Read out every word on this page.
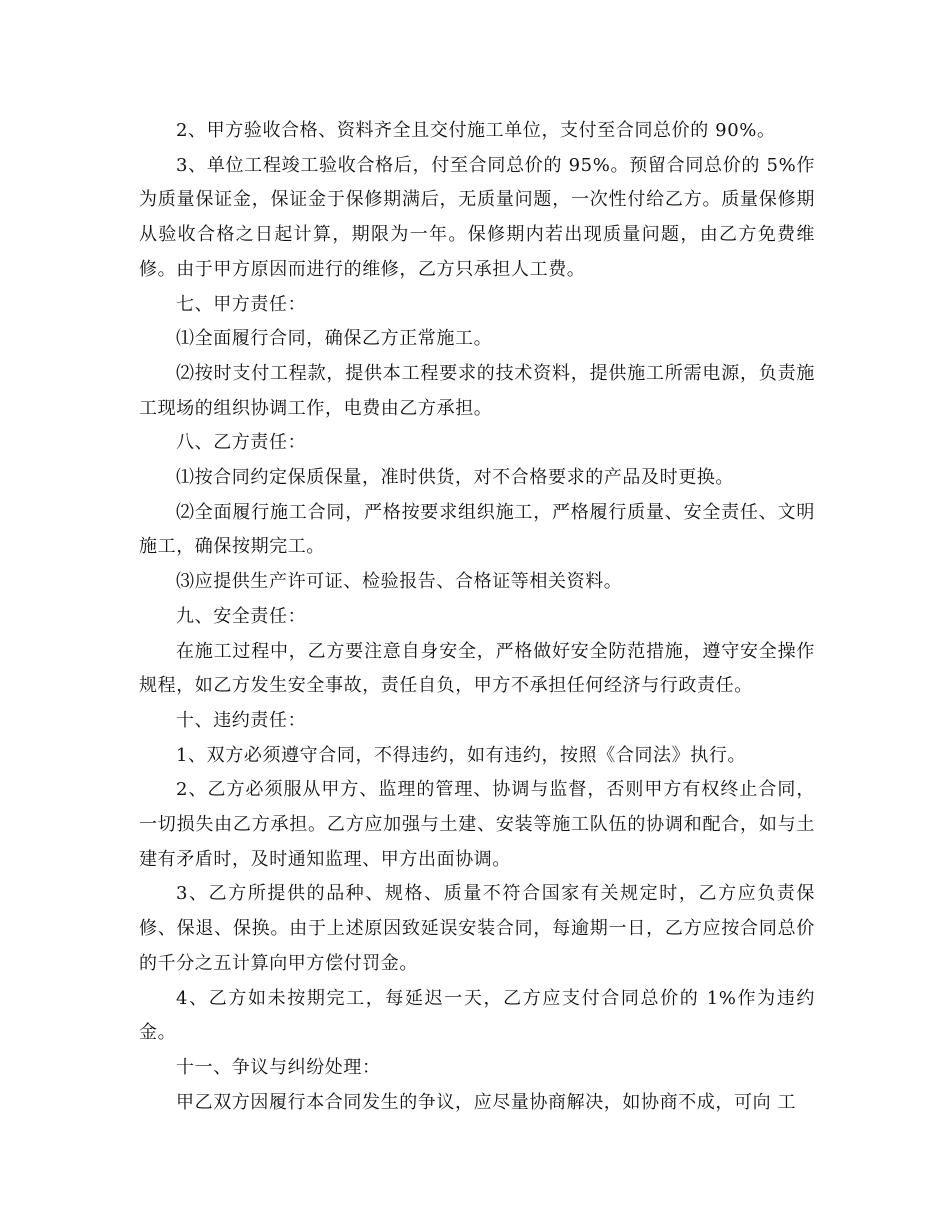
2、甲方验收合格、资料齐全且交付施工单位，支付至合同总价的 90%。

3、单位工程竣工验收合格后，付至合同总价的 95%。预留合同总价的 5%作为质量保证金，保证金于保修期满后，无质量问题，一次性付给乙方。质量保修期从验收合格之日起计算，期限为一年。保修期内若出现质量问题，由乙方免费维修。由于甲方原因而进行的维修，乙方只承担人工费。

七、甲方责任：

⑴全面履行合同，确保乙方正常施工。

⑵按时支付工程款，提供本工程要求的技术资料，提供施工所需电源，负责施工现场的组织协调工作，电费由乙方承担。

八、乙方责任：

⑴按合同约定保质保量，准时供货，对不合格要求的产品及时更换。

⑵全面履行施工合同，严格按要求组织施工，严格履行质量、安全责任、文明施工，确保按期完工。

⑶应提供生产许可证、检验报告、合格证等相关资料。

九、安全责任：

在施工过程中，乙方要注意自身安全，严格做好安全防范措施，遵守安全操作规程，如乙方发生安全事故，责任自负，甲方不承担任何经济与行政责任。

十、违约责任：

1、双方必须遵守合同，不得违约，如有违约，按照《合同法》执行。

2、乙方必须服从甲方、监理的管理、协调与监督，否则甲方有权终止合同，一切损失由乙方承担。乙方应加强与土建、安装等施工队伍的协调和配合，如与土建有矛盾时，及时通知监理、甲方出面协调。

3、乙方所提供的品种、规格、质量不符合国家有关规定时，乙方应负责保修、保退、保换。由于上述原因致延误安装合同，每逾期一日，乙方应按合同总价的千分之五计算向甲方偿付罚金。

4、乙方如未按期完工，每延迟一天，乙方应支付合同总价的 1%作为违约金。

十一、争议与纠纷处理：

甲乙双方因履行本合同发生的争议，应尽量协商解决，如协商不成，可向 工
